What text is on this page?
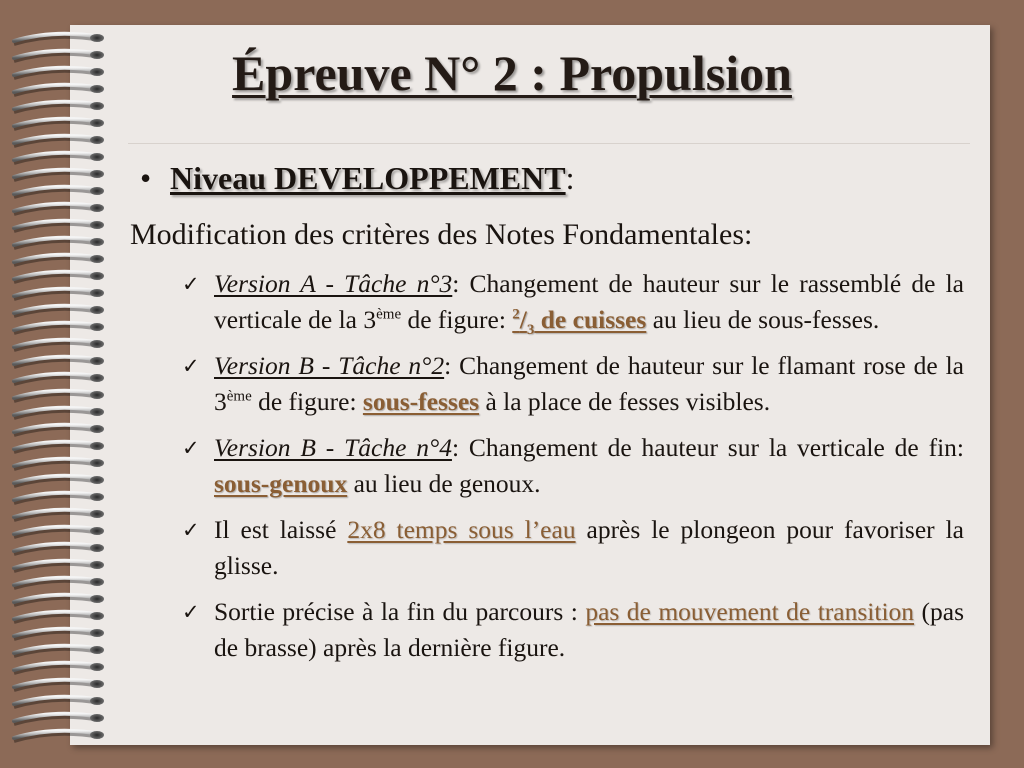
Épreuve N° 2 : Propulsion
• Niveau DEVELOPPEMENT:
Modification des critères des Notes Fondamentales:
✓ Version A - Tâche n°3: Changement de hauteur sur le rassemblé de la verticale de la 3ème de figure: $^2/_3$ de cuisses au lieu de sous-fesses.
✓ Version B - Tâche n°2: Changement de hauteur sur le flamant rose de la 3ème de figure: sous-fesses à la place de fesses visibles.
✓ Version B - Tâche n°4: Changement de hauteur sur la verticale de fin: sous-genoux au lieu de genoux.
✓ Il est laissé 2x8 temps sous l’eau après le plongeon pour favoriser la glisse.
✓ Sortie précise à la fin du parcours : pas de mouvement de transition (pas de brasse) après la dernière figure.
